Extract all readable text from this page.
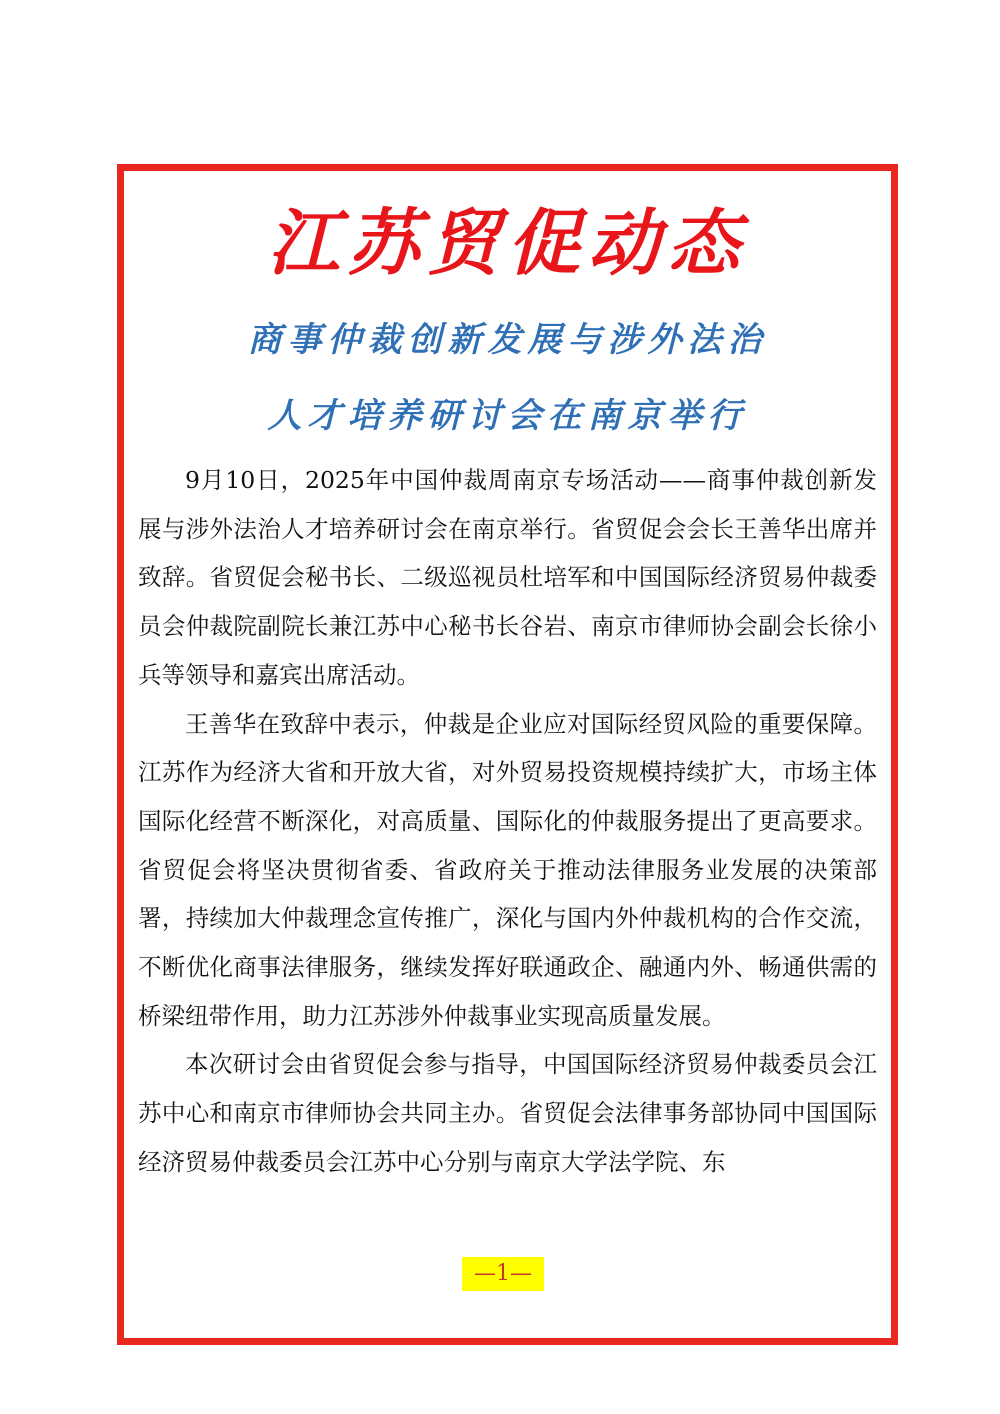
江苏贸促动态
商事仲裁创新发展与涉外法治
人才培养研讨会在南京举行

9月10日，2025年中国仲裁周南京专场活动——商事仲裁创新发展与涉外法治人才培养研讨会在南京举行。省贸促会会长王善华出席并致辞。省贸促会秘书长、二级巡视员杜培军和中国国际经济贸易仲裁委员会仲裁院副院长兼江苏中心秘书长谷岩、南京市律师协会副会长徐小兵等领导和嘉宾出席活动。

王善华在致辞中表示，仲裁是企业应对国际经贸风险的重要保障。江苏作为经济大省和开放大省，对外贸易投资规模持续扩大，市场主体国际化经营不断深化，对高质量、国际化的仲裁服务提出了更高要求。省贸促会将坚决贯彻省委、省政府关于推动法律服务业发展的决策部署，持续加大仲裁理念宣传推广，深化与国内外仲裁机构的合作交流，不断优化商事法律服务，继续发挥好联通政企、融通内外、畅通供需的桥梁纽带作用，助力江苏涉外仲裁事业实现高质量发展。

本次研讨会由省贸促会参与指导，中国国际经济贸易仲裁委员会江苏中心和南京市律师协会共同主办。省贸促会法律事务部协同中国国际经济贸易仲裁委员会江苏中心分别与南京大学法学院、东

—1—
